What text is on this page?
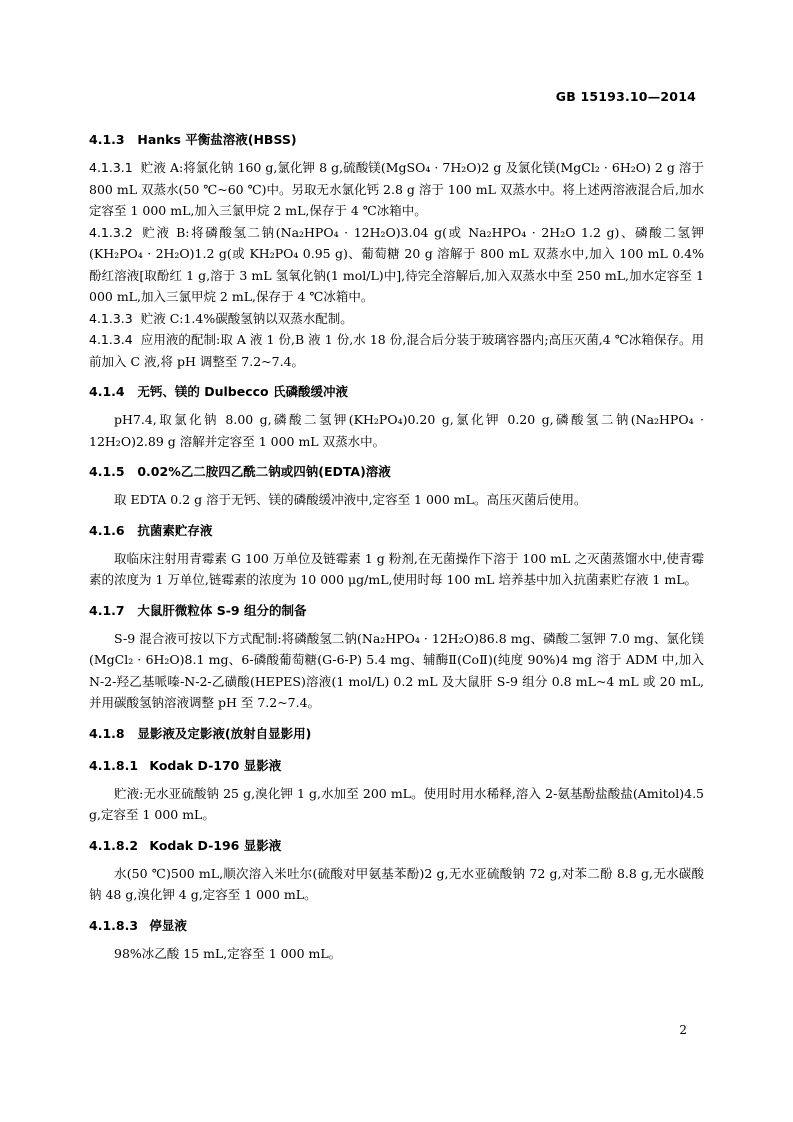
GB 15193.10—2014
4.1.3 Hanks 平衡盐溶液(HBSS)

4.1.3.1 贮液 A:将氯化钠 160 g,氯化钾 8 g,硫酸镁(MgSO₄ · 7H₂O)2 g 及氯化镁(MgCl₂ · 6H₂O) 2 g 溶于 800 mL 双蒸水(50 ℃~60 ℃)中。另取无水氯化钙 2.8 g 溶于 100 mL 双蒸水中。将上述两溶液混合后,加水定容至 1 000 mL,加入三氯甲烷 2 mL,保存于 4 ℃冰箱中。

4.1.3.2 贮液 B:将磷酸氢二钠(Na₂HPO₄ · 12H₂O)3.04 g(或 Na₂HPO₄ · 2H₂O 1.2 g)、磷酸二氢钾(KH₂PO₄ · 2H₂O)1.2 g(或 KH₂PO₄ 0.95 g)、葡萄糖 20 g 溶解于 800 mL 双蒸水中,加入 100 mL 0.4% 酚红溶液[取酚红 1 g,溶于 3 mL 氢氧化钠(1 mol/L)中],待完全溶解后,加入双蒸水中至 250 mL,加水定容至 1 000 mL,加入三氯甲烷 2 mL,保存于 4 ℃冰箱中。

4.1.3.3 贮液 C:1.4%碳酸氢钠以双蒸水配制。

4.1.3.4 应用液的配制:取 A 液 1 份,B 液 1 份,水 18 份,混合后分装于玻璃容器内;高压灭菌,4 ℃冰箱保存。用前加入 C 液,将 pH 调整至 7.2~7.4。

4.1.4 无钙、镁的 Dulbecco 氏磷酸缓冲液

pH7.4,取氯化钠 8.00 g,磷酸二氢钾(KH₂PO₄)0.20 g,氯化钾 0.20 g,磷酸氢二钠(Na₂HPO₄ · 12H₂O)2.89 g 溶解并定容至 1 000 mL 双蒸水中。

4.1.5 0.02%乙二胺四乙酰二钠或四钠(EDTA)溶液

取 EDTA 0.2 g 溶于无钙、镁的磷酸缓冲液中,定容至 1 000 mL。高压灭菌后使用。

4.1.6 抗菌素贮存液

取临床注射用青霉素 G 100 万单位及链霉素 1 g 粉剂,在无菌操作下溶于 100 mL 之灭菌蒸馏水中,使青霉素的浓度为 1 万单位,链霉素的浓度为 10 000 μg/mL,使用时每 100 mL 培养基中加入抗菌素贮存液 1 mL。

4.1.7 大鼠肝微粒体 S-9 组分的制备

S-9 混合液可按以下方式配制:将磷酸氢二钠(Na₂HPO₄ · 12H₂O)86.8 mg、磷酸二氢钾 7.0 mg、氯化镁(MgCl₂ · 6H₂O)8.1 mg、6-磷酸葡萄糖(G-6-P) 5.4 mg、辅酶Ⅱ(CoⅡ)(纯度 90%)4 mg 溶于 ADM 中,加入 N-2-羟乙基哌嗪-N-2-乙磺酸(HEPES)溶液(1 mol/L) 0.2 mL 及大鼠肝 S-9 组分 0.8 mL~4 mL 或 20 mL,并用碳酸氢钠溶液调整 pH 至 7.2~7.4。

4.1.8 显影液及定影液(放射自显影用)
4.1.8.1 Kodak D-170 显影液

贮液:无水亚硫酸钠 25 g,溴化钾 1 g,水加至 200 mL。使用时用水稀释,溶入 2-氨基酚盐酸盐(Amitol)4.5 g,定容至 1 000 mL。

4.1.8.2 Kodak D-196 显影液

水(50 ℃)500 mL,顺次溶入米吐尔(硫酸对甲氨基苯酚)2 g,无水亚硫酸钠 72 g,对苯二酚 8.8 g,无水碳酸钠 48 g,溴化钾 4 g,定容至 1 000 mL。

4.1.8.3 停显液

98%冰乙酸 15 mL,定容至 1 000 mL。

2
